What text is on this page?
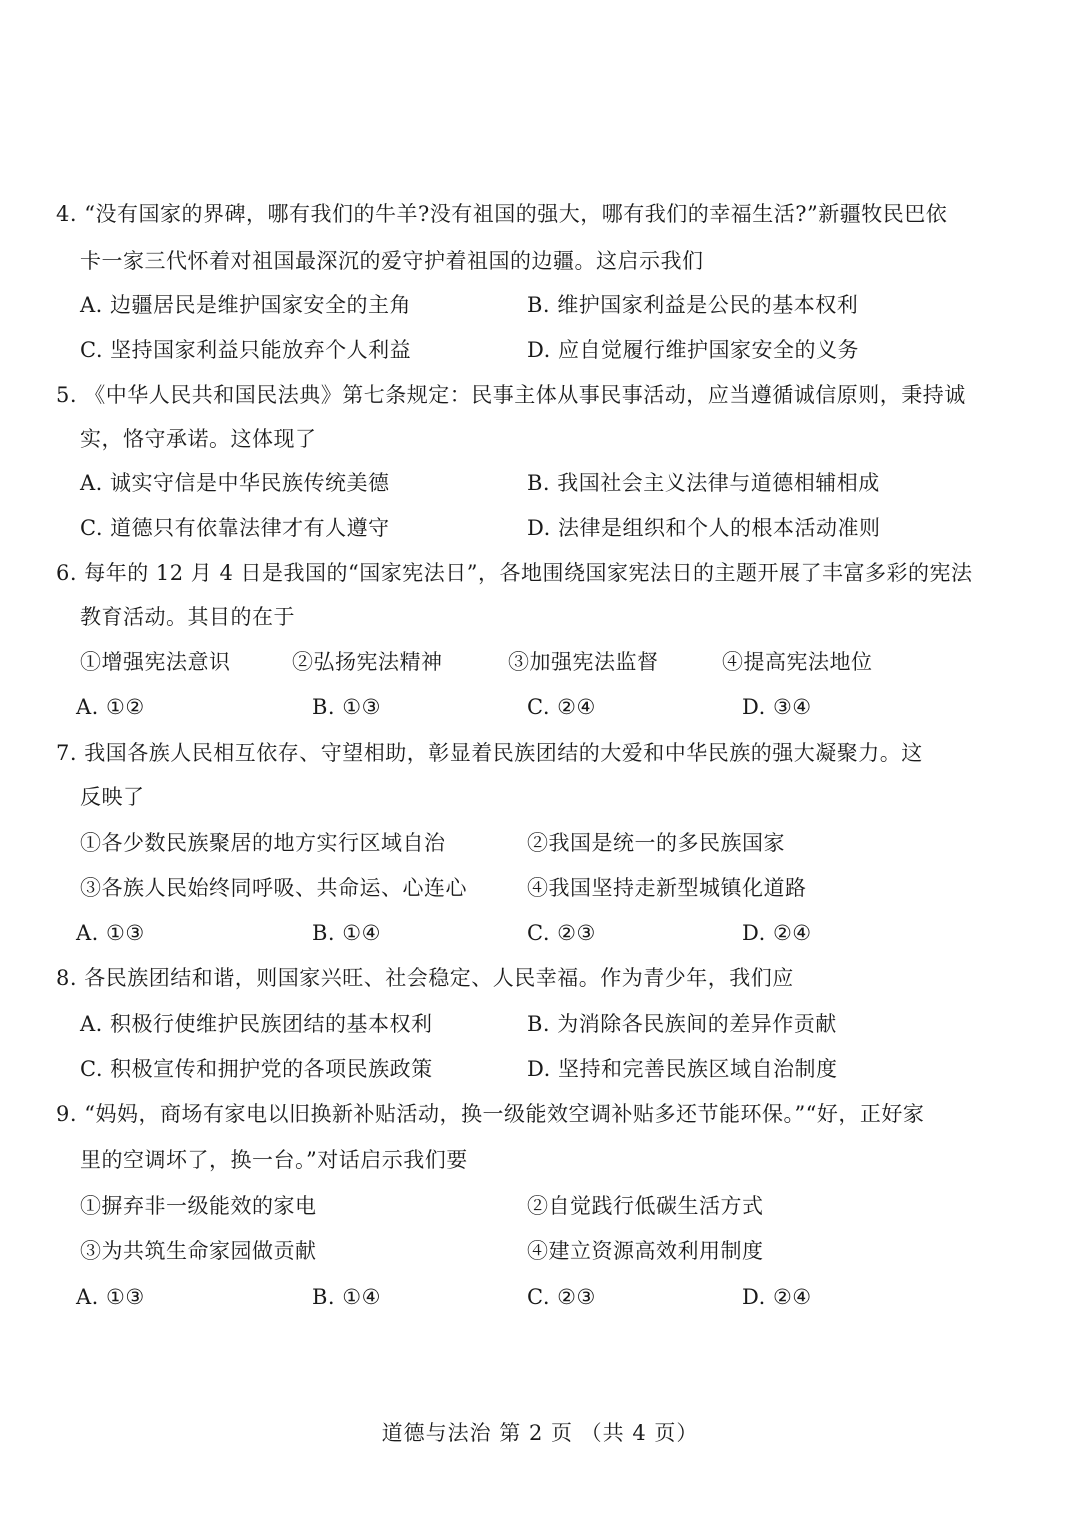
4. “没有国家的界碑，哪有我们的牛羊?没有祖国的强大，哪有我们的幸福生活?”新疆牧民巴依
卡一家三代怀着对祖国最深沉的爱守护着祖国的边疆。这启示我们
A. 边疆居民是维护国家安全的主角	B. 维护国家利益是公民的基本权利
C. 坚持国家利益只能放弃个人利益	D. 应自觉履行维护国家安全的义务
5. 《中华人民共和国民法典》第七条规定：民事主体从事民事活动，应当遵循诚信原则，秉持诚
实，恪守承诺。这体现了
A. 诚实守信是中华民族传统美德	B. 我国社会主义法律与道德相辅相成
C. 道德只有依靠法律才有人遵守	D. 法律是组织和个人的根本活动准则
6. 每年的 12 月 4 日是我国的“国家宪法日”，各地围绕国家宪法日的主题开展了丰富多彩的宪法
教育活动。其目的在于
①增强宪法意识	②弘扬宪法精神	③加强宪法监督	④提高宪法地位
A. ①②	B. ①③	C. ②④	D. ③④
7. 我国各族人民相互依存、守望相助，彰显着民族团结的大爱和中华民族的强大凝聚力。这
反映了
①各少数民族聚居的地方实行区域自治	②我国是统一的多民族国家
③各族人民始终同呼吸、共命运、心连心	④我国坚持走新型城镇化道路
A. ①③	B. ①④	C. ②③	D. ②④
8. 各民族团结和谐，则国家兴旺、社会稳定、人民幸福。作为青少年，我们应
A. 积极行使维护民族团结的基本权利	B. 为消除各民族间的差异作贡献
C. 积极宣传和拥护党的各项民族政策	D. 坚持和完善民族区域自治制度
9. “妈妈，商场有家电以旧换新补贴活动，换一级能效空调补贴多还节能环保。”“好，正好家
里的空调坏了，换一台。”对话启示我们要
①摒弃非一级能效的家电	②自觉践行低碳生活方式
③为共筑生命家园做贡献	④建立资源高效利用制度
A. ①③	B. ①④	C. ②③	D. ②④
道德与法治 第 2 页 （共 4 页）
